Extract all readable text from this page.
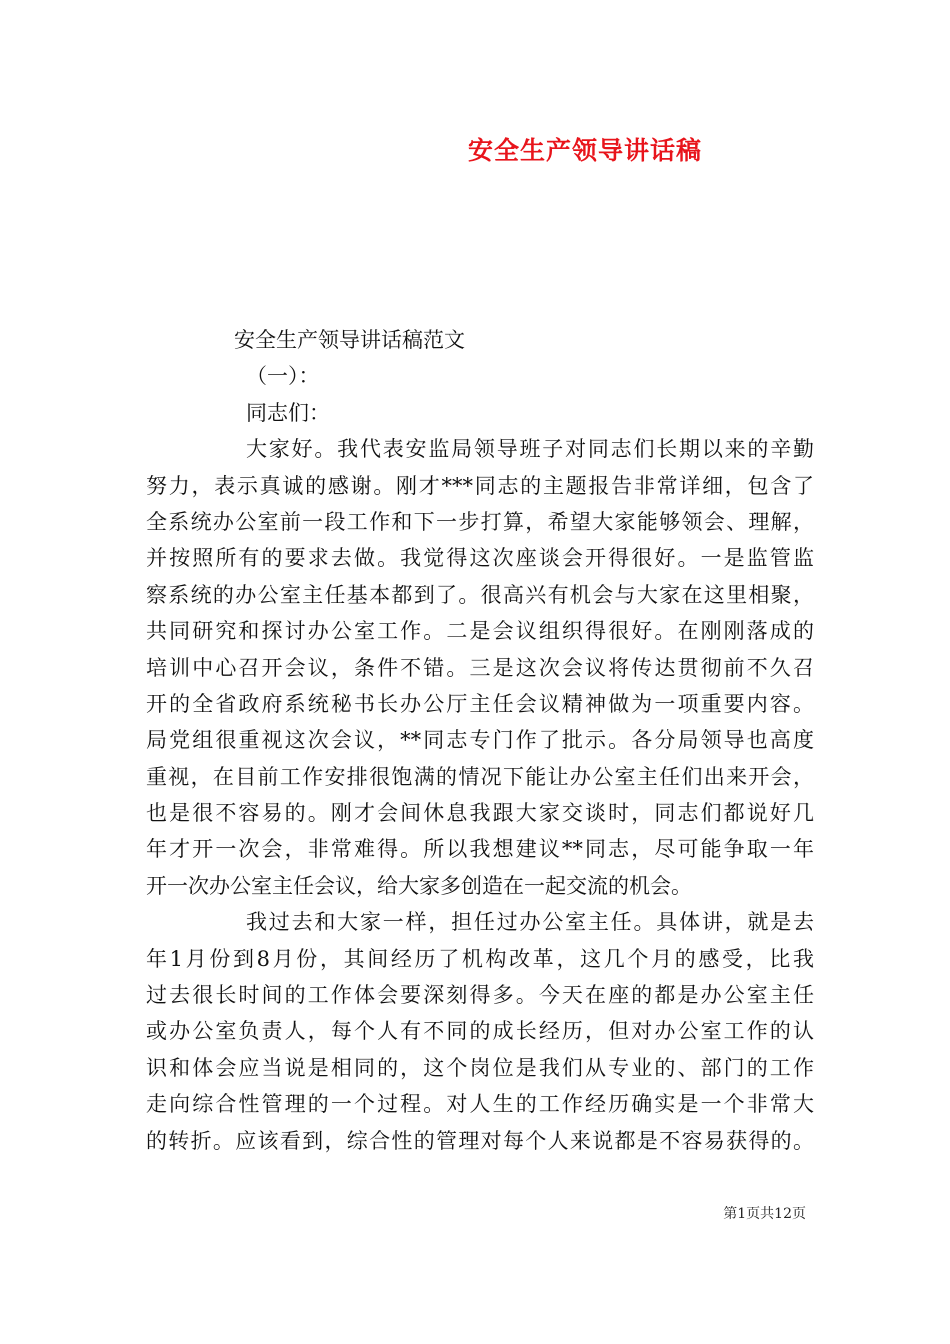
安全生产领导讲话稿
安全生产领导讲话稿范文
（一）：
同志们：
大家好。我代表安监局领导班子对同志们长期以来的辛勤
努力，表示真诚的感谢。刚才***同志的主题报告非常详细，包含了
全系统办公室前一段工作和下一步打算，希望大家能够领会、理解，
并按照所有的要求去做。我觉得这次座谈会开得很好。一是监管监
察系统的办公室主任基本都到了。很高兴有机会与大家在这里相聚，
共同研究和探讨办公室工作。二是会议组织得很好。在刚刚落成的
培训中心召开会议，条件不错。三是这次会议将传达贯彻前不久召
开的全省政府系统秘书长办公厅主任会议精神做为一项重要内容。
局党组很重视这次会议，**同志专门作了批示。各分局领导也高度
重视，在目前工作安排很饱满的情况下能让办公室主任们出来开会，
也是很不容易的。刚才会间休息我跟大家交谈时，同志们都说好几
年才开一次会，非常难得。所以我想建议**同志，尽可能争取一年
开一次办公室主任会议，给大家多创造在一起交流的机会。
我过去和大家一样，担任过办公室主任。具体讲，就是去
年1月份到8月份，其间经历了机构改革，这几个月的感受，比我
过去很长时间的工作体会要深刻得多。今天在座的都是办公室主任
或办公室负责人，每个人有不同的成长经历，但对办公室工作的认
识和体会应当说是相同的，这个岗位是我们从专业的、部门的工作
走向综合性管理的一个过程。对人生的工作经历确实是一个非常大
的转折。应该看到，综合性的管理对每个人来说都是不容易获得的。
第1页共12页
